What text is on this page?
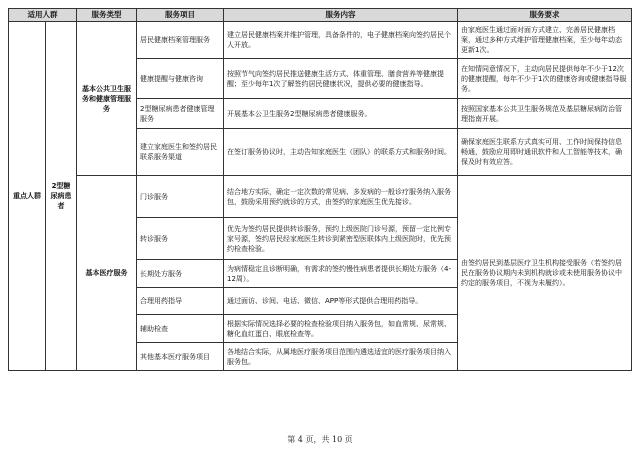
适用人群		服务类型	服务项目	服务内容	服务要求
重点人群	2型糖尿病患者	基本公共卫生服务和健康管理服务	居民健康档案管理服务	建立居民健康档案并维护管理，具备条件的，电子健康档案向签约居民个人开放。	由家庭医生通过面对面方式建立、完善居民健康档案，通过多种方式维护管理健康档案，至少每年动态更新1次。
			健康提醒与健康咨询	按照节气向签约居民推送健康生活方式、体重管理、膳食营养等健康提醒；至少每年1次了解签约居民健康状况，提供必要的健康指导。	在知情同意情况下，主动向居民提供每年不少于12次的健康提醒，每年不少于1次的健康咨询或健康指导服务。
			2型糖尿病患者健康管理服务	开展基本公卫生服务2型糖尿病患者健康服务。	按照国家基本公共卫生服务规范及基层糖尿病防治管理指南开展。
			建立家庭医生和签约居民联系服务渠道	在签订服务协议时，主动告知家庭医生（团队）的联系方式和服务时间。	确保家庭医生联系方式真实可用、工作时间保持信息畅通，鼓励应用即时通讯软件和人工智能等技术，确保及时有效应答。
		基本医疗服务	门诊服务	结合地方实际，确定一定次数的常见病、多发病的一般诊疗服务纳入服务包，鼓励采用预约就诊的方式，由签约的家庭医生优先接诊。	由签约居民到基层医疗卫生机构接受服务（若签约居民在服务协议期内未到机构就诊或未使用服务协议中约定的服务项目，不视为未履约）。
			转诊服务	优先为签约居民提供转诊服务，预约上级医院门诊号源，预留一定比例专家号源，签约居民经家庭医生转诊到紧密型医联体内上级医院时，优先预约检查检验。	
			长期处方服务	为病情稳定且诊断明确，有需求的签约慢性病患者提供长期处方服务（4-12周）。	
			合理用药指导	通过面访、诊间、电话、微信、APP等形式提供合理用药指导。	
			辅助检查	根据实际情况选择必要的检查检验项目纳入服务包，如血常规、尿常规、糖化血红蛋白、眼底检查等。	
			其他基本医疗服务项目	各地结合实际，从属地医疗服务项目范围内遴选适宜的医疗服务项目纳入服务包。	
第 4 页，共 10 页
